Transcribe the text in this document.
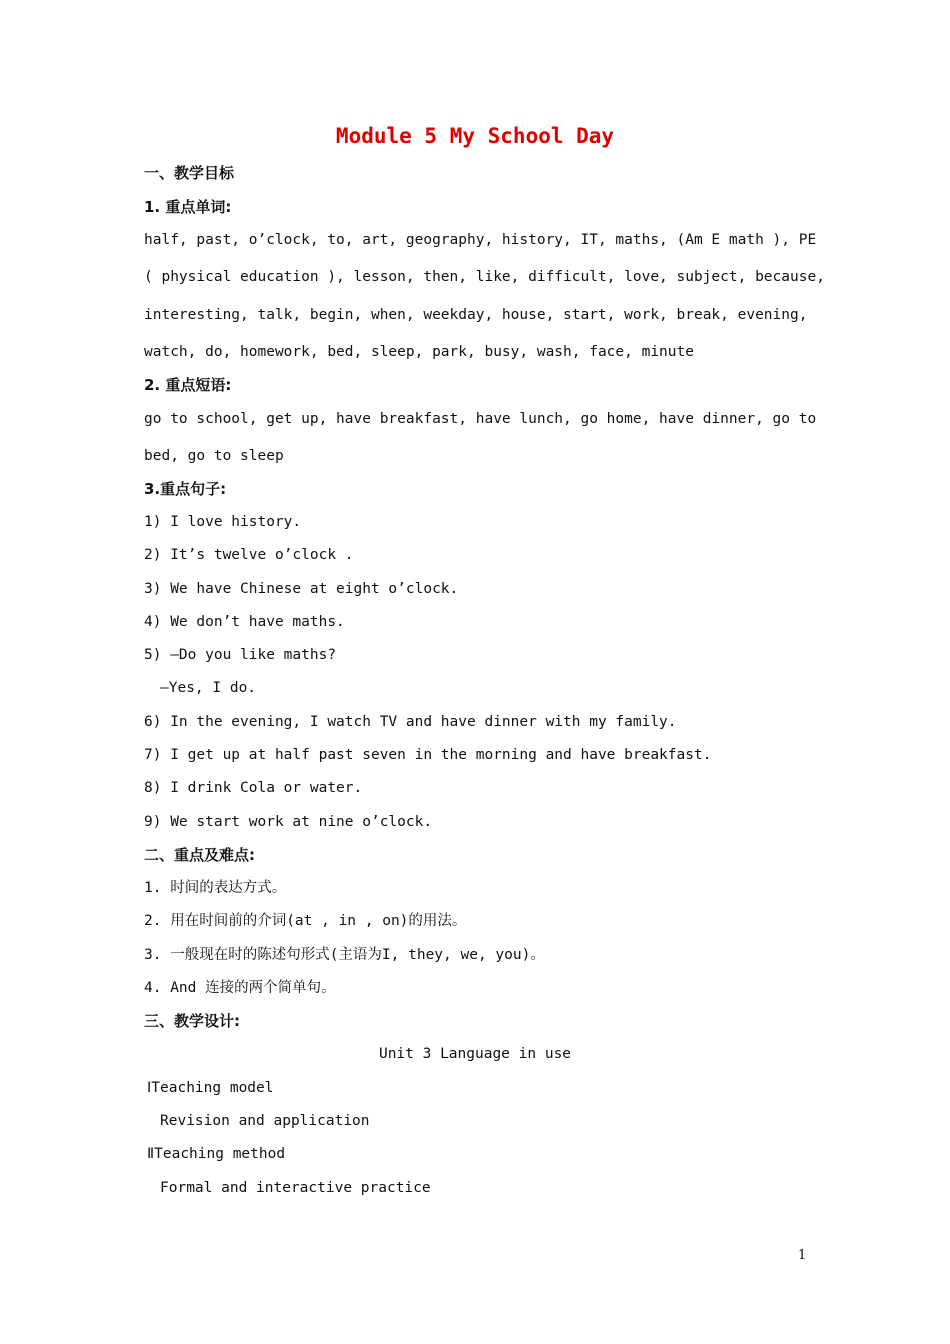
Module 5 My School Day
一、教学目标
1. 重点单词:
half, past, o’clock, to, art, geography, history, IT, maths, (Am E math ), PE
( physical education ), lesson, then, like, difficult, love, subject, because,
interesting, talk, begin, when, weekday, house, start, work, break, evening,
watch, do, homework, bed, sleep, park, busy, wash, face, minute
2. 重点短语:
go to school, get up, have breakfast, have lunch, go home, have dinner, go to
bed, go to sleep
3.重点句子:
1) I love history.
2) It’s twelve o’clock .
3) We have Chinese at eight o’clock.
4) We don’t have maths.
5) —Do you like maths?
—Yes, I do.
6) In the evening, I watch TV and have dinner with my family.
7) I get up at half past seven in the morning and have breakfast.
8) I drink Cola or water.
9) We start work at nine o’clock.
二、重点及难点:
1. 时间的表达方式。
2. 用在时间前的介词(at , in , on)的用法。
3. 一般现在时的陈述句形式(主语为I, they, we, you)。
4. And 连接的两个简单句。
三、教学设计:
Unit 3 Language in use
ⅠTeaching model
Revision and application
ⅡTeaching method
Formal and interactive practice
1
